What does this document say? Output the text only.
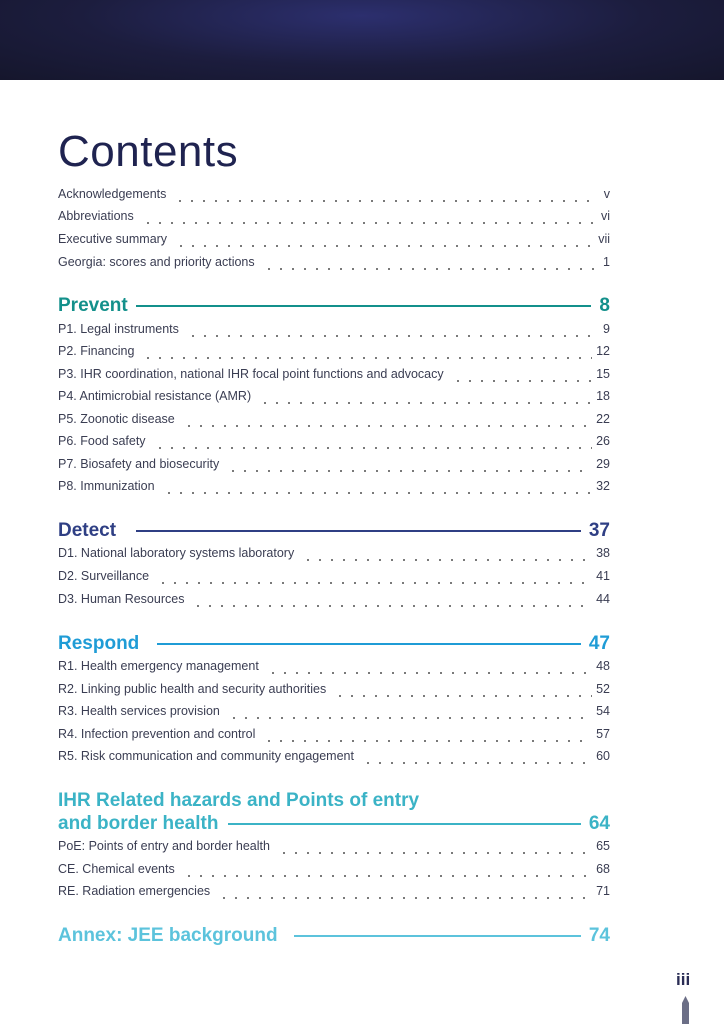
Contents
Acknowledgements	v
Abbreviations	vi
Executive summary	vii
Georgia: scores and priority actions	1
Prevent	8
P1. Legal instruments	9
P2. Financing	12
P3. IHR coordination, national IHR focal point functions and advocacy	15
P4. Antimicrobial resistance (AMR)	18
P5. Zoonotic disease	22
P6. Food safety	26
P7. Biosafety and biosecurity	29
P8. Immunization	32
Detect	37
D1. National laboratory systems laboratory	38
D2. Surveillance	41
D3. Human Resources	44
Respond	47
R1. Health emergency management	48
R2. Linking public health and security authorities	52
R3. Health services provision	54
R4. Infection prevention and control	57
R5. Risk communication and community engagement	60
IHR Related hazards and Points of entry
and border health	64
PoE: Points of entry and border health	65
CE. Chemical events	68
RE. Radiation emergencies	71
Annex: JEE background	74
iii
